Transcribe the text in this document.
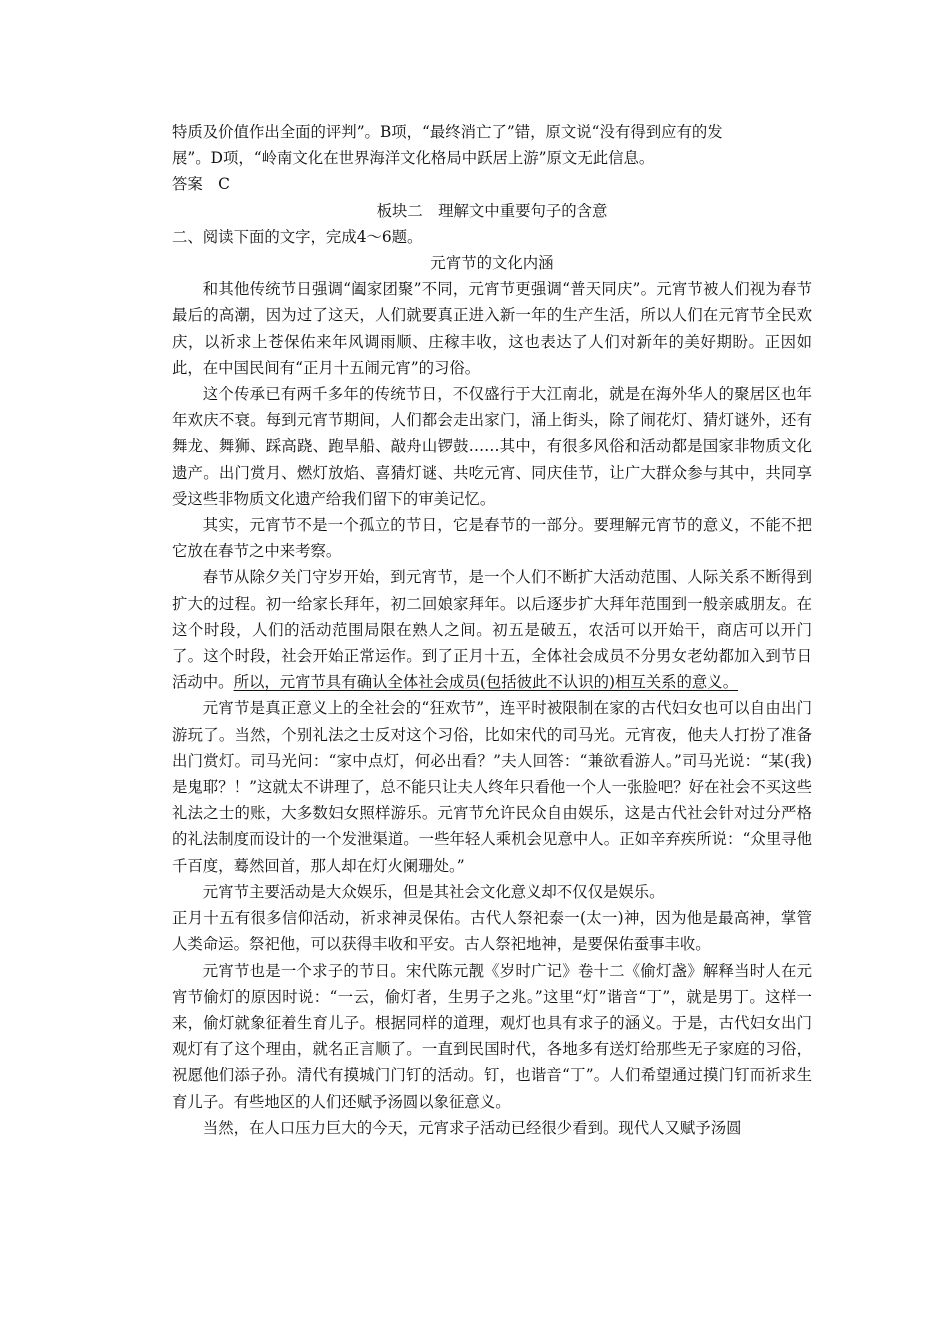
特质及价值作出全面的评判”。B项，“最终消亡了”错，原文说“没有得到应有的发
展”。D项，“岭南文化在世界海洋文化格局中跃居上游”原文无此信息。

答案　C

板块二　理解文中重要句子的含意

二、阅读下面的文字，完成4～6题。

元宵节的文化内涵

和其他传统节日强调“阖家团聚”不同，元宵节更强调“普天同庆”。元宵节被人们视为春节最后的高潮，因为过了这天，人们就要真正进入新一年的生产生活，所以人们在元宵节全民欢庆，以祈求上苍保佑来年风调雨顺、庄稼丰收，这也表达了人们对新年的美好期盼。正因如此，在中国民间有“正月十五闹元宵”的习俗。

这个传承已有两千多年的传统节日，不仅盛行于大江南北，就是在海外华人的聚居区也年年欢庆不衰。每到元宵节期间，人们都会走出家门，涌上街头，除了闹花灯、猜灯谜外，还有舞龙、舞狮、踩高跷、跑旱船、敲舟山锣鼓……其中，有很多风俗和活动都是国家非物质文化遗产。出门赏月、燃灯放焰、喜猜灯谜、共吃元宵、同庆佳节，让广大群众参与其中，共同享受这些非物质文化遗产给我们留下的审美记忆。

其实，元宵节不是一个孤立的节日，它是春节的一部分。要理解元宵节的意义，不能不把它放在春节之中来考察。

春节从除夕关门守岁开始，到元宵节，是一个人们不断扩大活动范围、人际关系不断得到扩大的过程。初一给家长拜年，初二回娘家拜年。以后逐步扩大拜年范围到一般亲戚朋友。在这个时段，人们的活动范围局限在熟人之间。初五是破五，农活可以开始干，商店可以开门了。这个时段，社会开始正常运作。到了正月十五，全体社会成员不分男女老幼都加入到节日活动中。所以，元宵节具有确认全体社会成员(包括彼此不认识的)相互关系的意义。

元宵节是真正意义上的全社会的“狂欢节”，连平时被限制在家的古代妇女也可以自由出门游玩了。当然，个别礼法之士反对这个习俗，比如宋代的司马光。元宵夜，他夫人打扮了准备出门赏灯。司马光问：“家中点灯，何必出看？”夫人回答：“兼欲看游人。”司马光说：“某(我)是鬼耶？！”这就太不讲理了，总不能只让夫人终年只看他一个人一张脸吧？好在社会不买这些礼法之士的账，大多数妇女照样游乐。元宵节允许民众自由娱乐，这是古代社会针对过分严格的礼法制度而设计的一个发泄渠道。一些年轻人乘机会见意中人。正如辛弃疾所说：“众里寻他千百度，蓦然回首，那人却在灯火阑珊处。”

元宵节主要活动是大众娱乐，但是其社会文化意义却不仅仅是娱乐。

正月十五有很多信仰活动，祈求神灵保佑。古代人祭祀泰一(太一)神，因为他是最高神，掌管人类命运。祭祀他，可以获得丰收和平安。古人祭祀地神，是要保佑蚕事丰收。

元宵节也是一个求子的节日。宋代陈元靓《岁时广记》卷十二《偷灯盏》解释当时人在元宵节偷灯的原因时说：“一云，偷灯者，生男子之兆。”这里“灯”谐音“丁”，就是男丁。这样一来，偷灯就象征着生育儿子。根据同样的道理，观灯也具有求子的涵义。于是，古代妇女出门观灯有了这个理由，就名正言顺了。一直到民国时代，各地多有送灯给那些无子家庭的习俗，祝愿他们添子孙。清代有摸城门门钉的活动。钉，也谐音“丁”。人们希望通过摸门钉而祈求生育儿子。有些地区的人们还赋予汤圆以象征意义。

当然，在人口压力巨大的今天，元宵求子活动已经很少看到。现代人又赋予汤圆
